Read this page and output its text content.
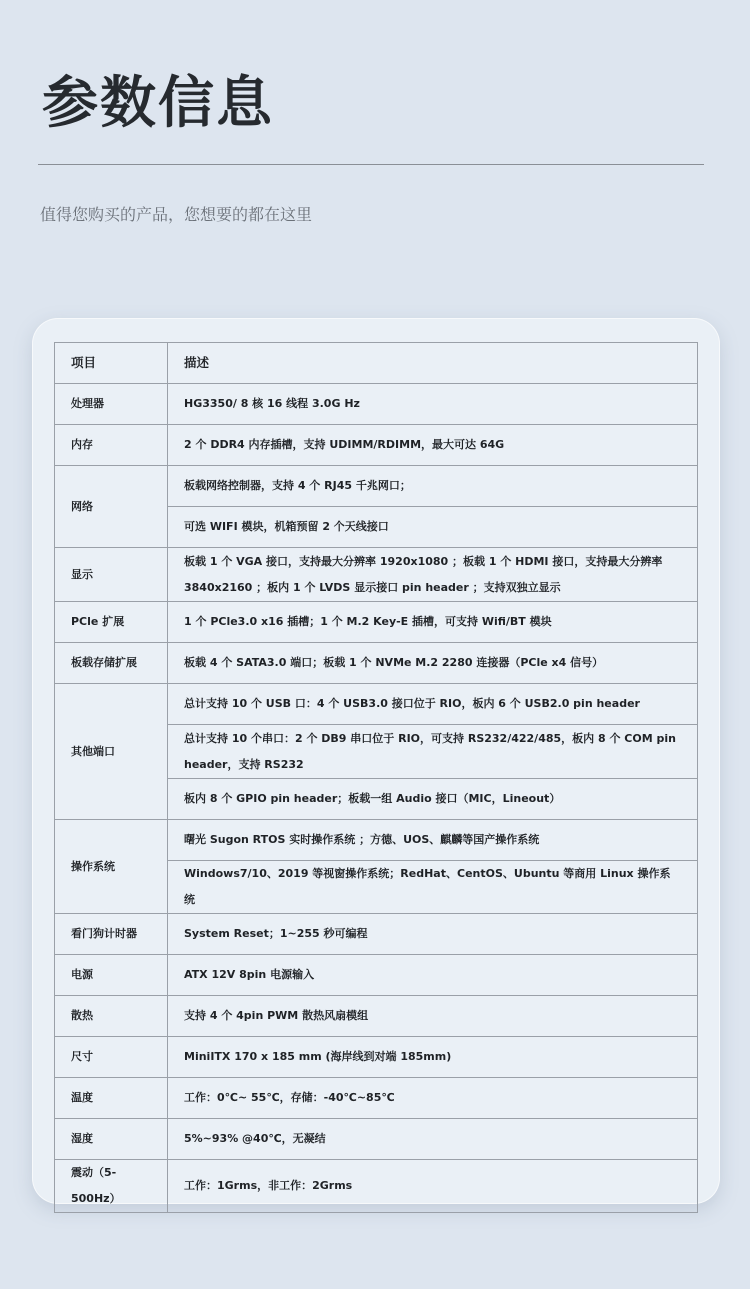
参数信息
值得您购买的产品，您想要的都在这里
项目	描述
处理器	HG3350/ 8 核 16 线程 3.0G Hz
内存	2 个 DDR4 内存插槽，支持 UDIMM/RDIMM，最大可达 64G
网络	板载网络控制器，支持 4 个 RJ45 千兆网口；
	可选 WIFI 模块，机箱预留 2 个天线接口
显示	板载 1 个 VGA 接口，支持最大分辨率 1920x1080 ；板载 1 个 HDMI 接口，支持最大分辨率
3840x2160 ；板内 1 个 LVDS 显示接口 pin header ；支持双独立显示

PCle 扩展	1 个 PCle3.0 x16 插槽；1 个 M.2 Key-E 插槽，可支持 Wifi/BT 模块
板载存储扩展	板载 4 个 SATA3.0 端口；板载 1 个 NVMe M.2 2280 连接器（PCle x4 信号）
其他端口	总计支持 10 个 USB 口：4 个 USB3.0 接口位于 RIO，板内 6 个 USB2.0 pin header

	总计支持 10 个串口：2 个 DB9 串口位于 RIO，可支持 RS232/422/485，板内 8 个 COM pin
header，支持 RS232

	板内 8 个 GPIO pin header；板载一组 Audio 接口（MIC，Lineout）
操作系统	曙光 Sugon RTOS 实时操作系统 ；方德、UOS、麒麟等国产操作系统
	Windows7/10、2019 等视窗操作系统；RedHat、CentOS、Ubuntu 等商用 Linux 操作系统
看门狗计时器	System Reset；1~255 秒可编程
电源	ATX 12V 8pin 电源输入
散热	支持 4 个 4pin PWM 散热风扇模组
尺寸	MiniITX 170 x 185 mm (海岸线到对端 185mm)
温度	工作：0℃~ 55℃，存储：-40℃~85℃
湿度	5%~93% @40℃，无凝结
震动（5-500Hz）	工作：1Grms，非工作：2Grms
